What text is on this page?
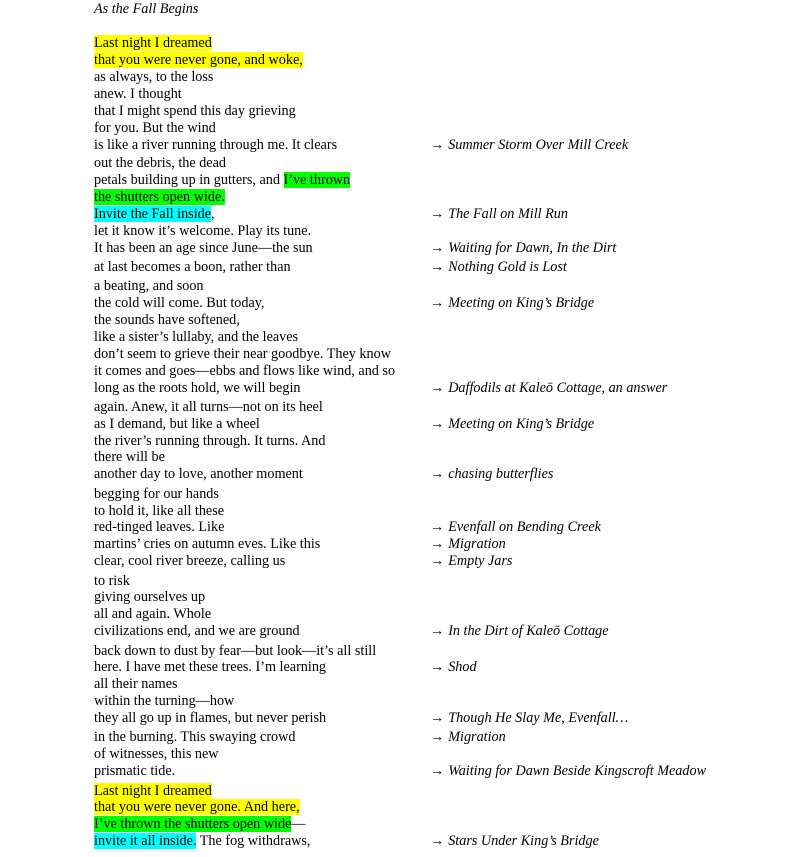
As the Fall Begins
Last night I dreamed
that you were never gone, and woke,
as always, to the loss
anew. I thought
that I might spend this day grieving
for you. But the wind
is like a river running through me. It clears	→ Summer Storm Over Mill Creek
out the debris, the dead
petals building up in gutters, and I’ve thrown
the shutters open wide.
Invite the Fall inside,	→ The Fall on Mill Run
let it know it’s welcome. Play its tune.
It has been an age since June—the sun	→ Waiting for Dawn, In the Dirt
at last becomes a boon, rather than	→ Nothing Gold is Lost
a beating, and soon
the cold will come. But today,	→ Meeting on King’s Bridge
the sounds have softened,
like a sister’s lullaby, and the leaves
don’t seem to grieve their near goodbye. They know
it comes and goes—ebbs and flows like wind, and so
long as the roots hold, we will begin	→ Daffodils at Kaleō Cottage, an answer
again. Anew, it all turns—not on its heel
as I demand, but like a wheel	→ Meeting on King’s Bridge
the river’s running through. It turns. And
there will be
another day to love, another moment	→ chasing butterflies
begging for our hands
to hold it, like all these
red-tinged leaves. Like	→ Evenfall on Bending Creek
martins’ cries on autumn eves. Like this	→ Migration
clear, cool river breeze, calling us	→ Empty Jars
to risk
giving ourselves up
all and again. Whole
civilizations end, and we are ground	→ In the Dirt of Kaleō Cottage
back down to dust by fear—but look—it’s all still
here. I have met these trees. I’m learning	→ Shod
all their names
within the turning—how
they all go up in flames, but never perish	→ Though He Slay Me, Evenfall…
in the burning. This swaying crowd	→ Migration
of witnesses, this new
prismatic tide.	→ Waiting for Dawn Beside Kingscroft Meadow
Last night I dreamed
that you were never gone. And here,
I’ve thrown the shutters open wide—
invite it all inside. The fog withdraws,	→ Stars Under King’s Bridge
